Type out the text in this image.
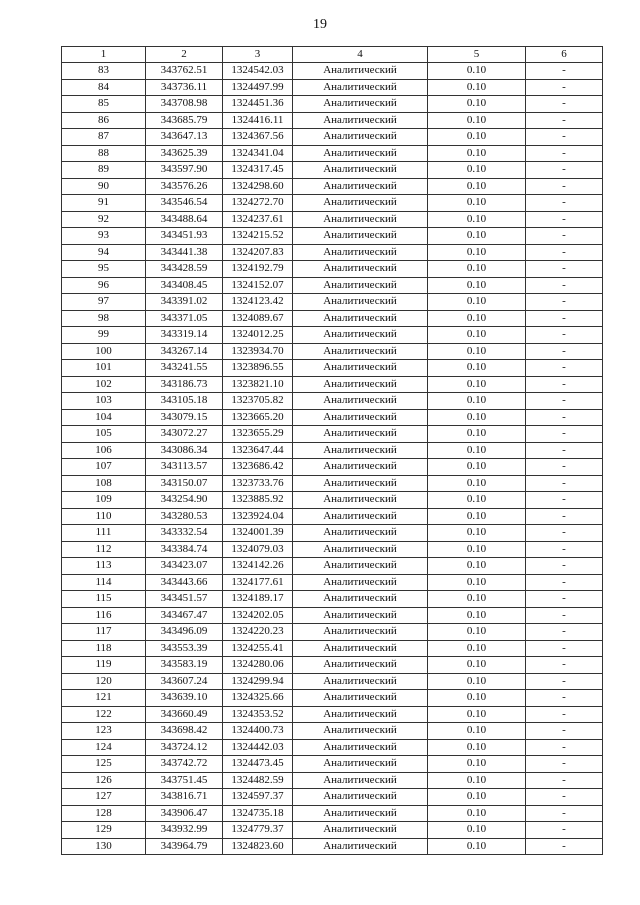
19
1	2	3	4	5	6
83	343762.51	1324542.03	Аналитический	0.10	-
84	343736.11	1324497.99	Аналитический	0.10	-
85	343708.98	1324451.36	Аналитический	0.10	-
86	343685.79	1324416.11	Аналитический	0.10	-
87	343647.13	1324367.56	Аналитический	0.10	-
88	343625.39	1324341.04	Аналитический	0.10	-
89	343597.90	1324317.45	Аналитический	0.10	-
90	343576.26	1324298.60	Аналитический	0.10	-
91	343546.54	1324272.70	Аналитический	0.10	-
92	343488.64	1324237.61	Аналитический	0.10	-
93	343451.93	1324215.52	Аналитический	0.10	-
94	343441.38	1324207.83	Аналитический	0.10	-
95	343428.59	1324192.79	Аналитический	0.10	-
96	343408.45	1324152.07	Аналитический	0.10	-
97	343391.02	1324123.42	Аналитический	0.10	-
98	343371.05	1324089.67	Аналитический	0.10	-
99	343319.14	1324012.25	Аналитический	0.10	-
100	343267.14	1323934.70	Аналитический	0.10	-
101	343241.55	1323896.55	Аналитический	0.10	-
102	343186.73	1323821.10	Аналитический	0.10	-
103	343105.18	1323705.82	Аналитический	0.10	-
104	343079.15	1323665.20	Аналитический	0.10	-
105	343072.27	1323655.29	Аналитический	0.10	-
106	343086.34	1323647.44	Аналитический	0.10	-
107	343113.57	1323686.42	Аналитический	0.10	-
108	343150.07	1323733.76	Аналитический	0.10	-
109	343254.90	1323885.92	Аналитический	0.10	-
110	343280.53	1323924.04	Аналитический	0.10	-
111	343332.54	1324001.39	Аналитический	0.10	-
112	343384.74	1324079.03	Аналитический	0.10	-
113	343423.07	1324142.26	Аналитический	0.10	-
114	343443.66	1324177.61	Аналитический	0.10	-
115	343451.57	1324189.17	Аналитический	0.10	-
116	343467.47	1324202.05	Аналитический	0.10	-
117	343496.09	1324220.23	Аналитический	0.10	-
118	343553.39	1324255.41	Аналитический	0.10	-
119	343583.19	1324280.06	Аналитический	0.10	-
120	343607.24	1324299.94	Аналитический	0.10	-
121	343639.10	1324325.66	Аналитический	0.10	-
122	343660.49	1324353.52	Аналитический	0.10	-
123	343698.42	1324400.73	Аналитический	0.10	-
124	343724.12	1324442.03	Аналитический	0.10	-
125	343742.72	1324473.45	Аналитический	0.10	-
126	343751.45	1324482.59	Аналитический	0.10	-
127	343816.71	1324597.37	Аналитический	0.10	-
128	343906.47	1324735.18	Аналитический	0.10	-
129	343932.99	1324779.37	Аналитический	0.10	-
130	343964.79	1324823.60	Аналитический	0.10	-
